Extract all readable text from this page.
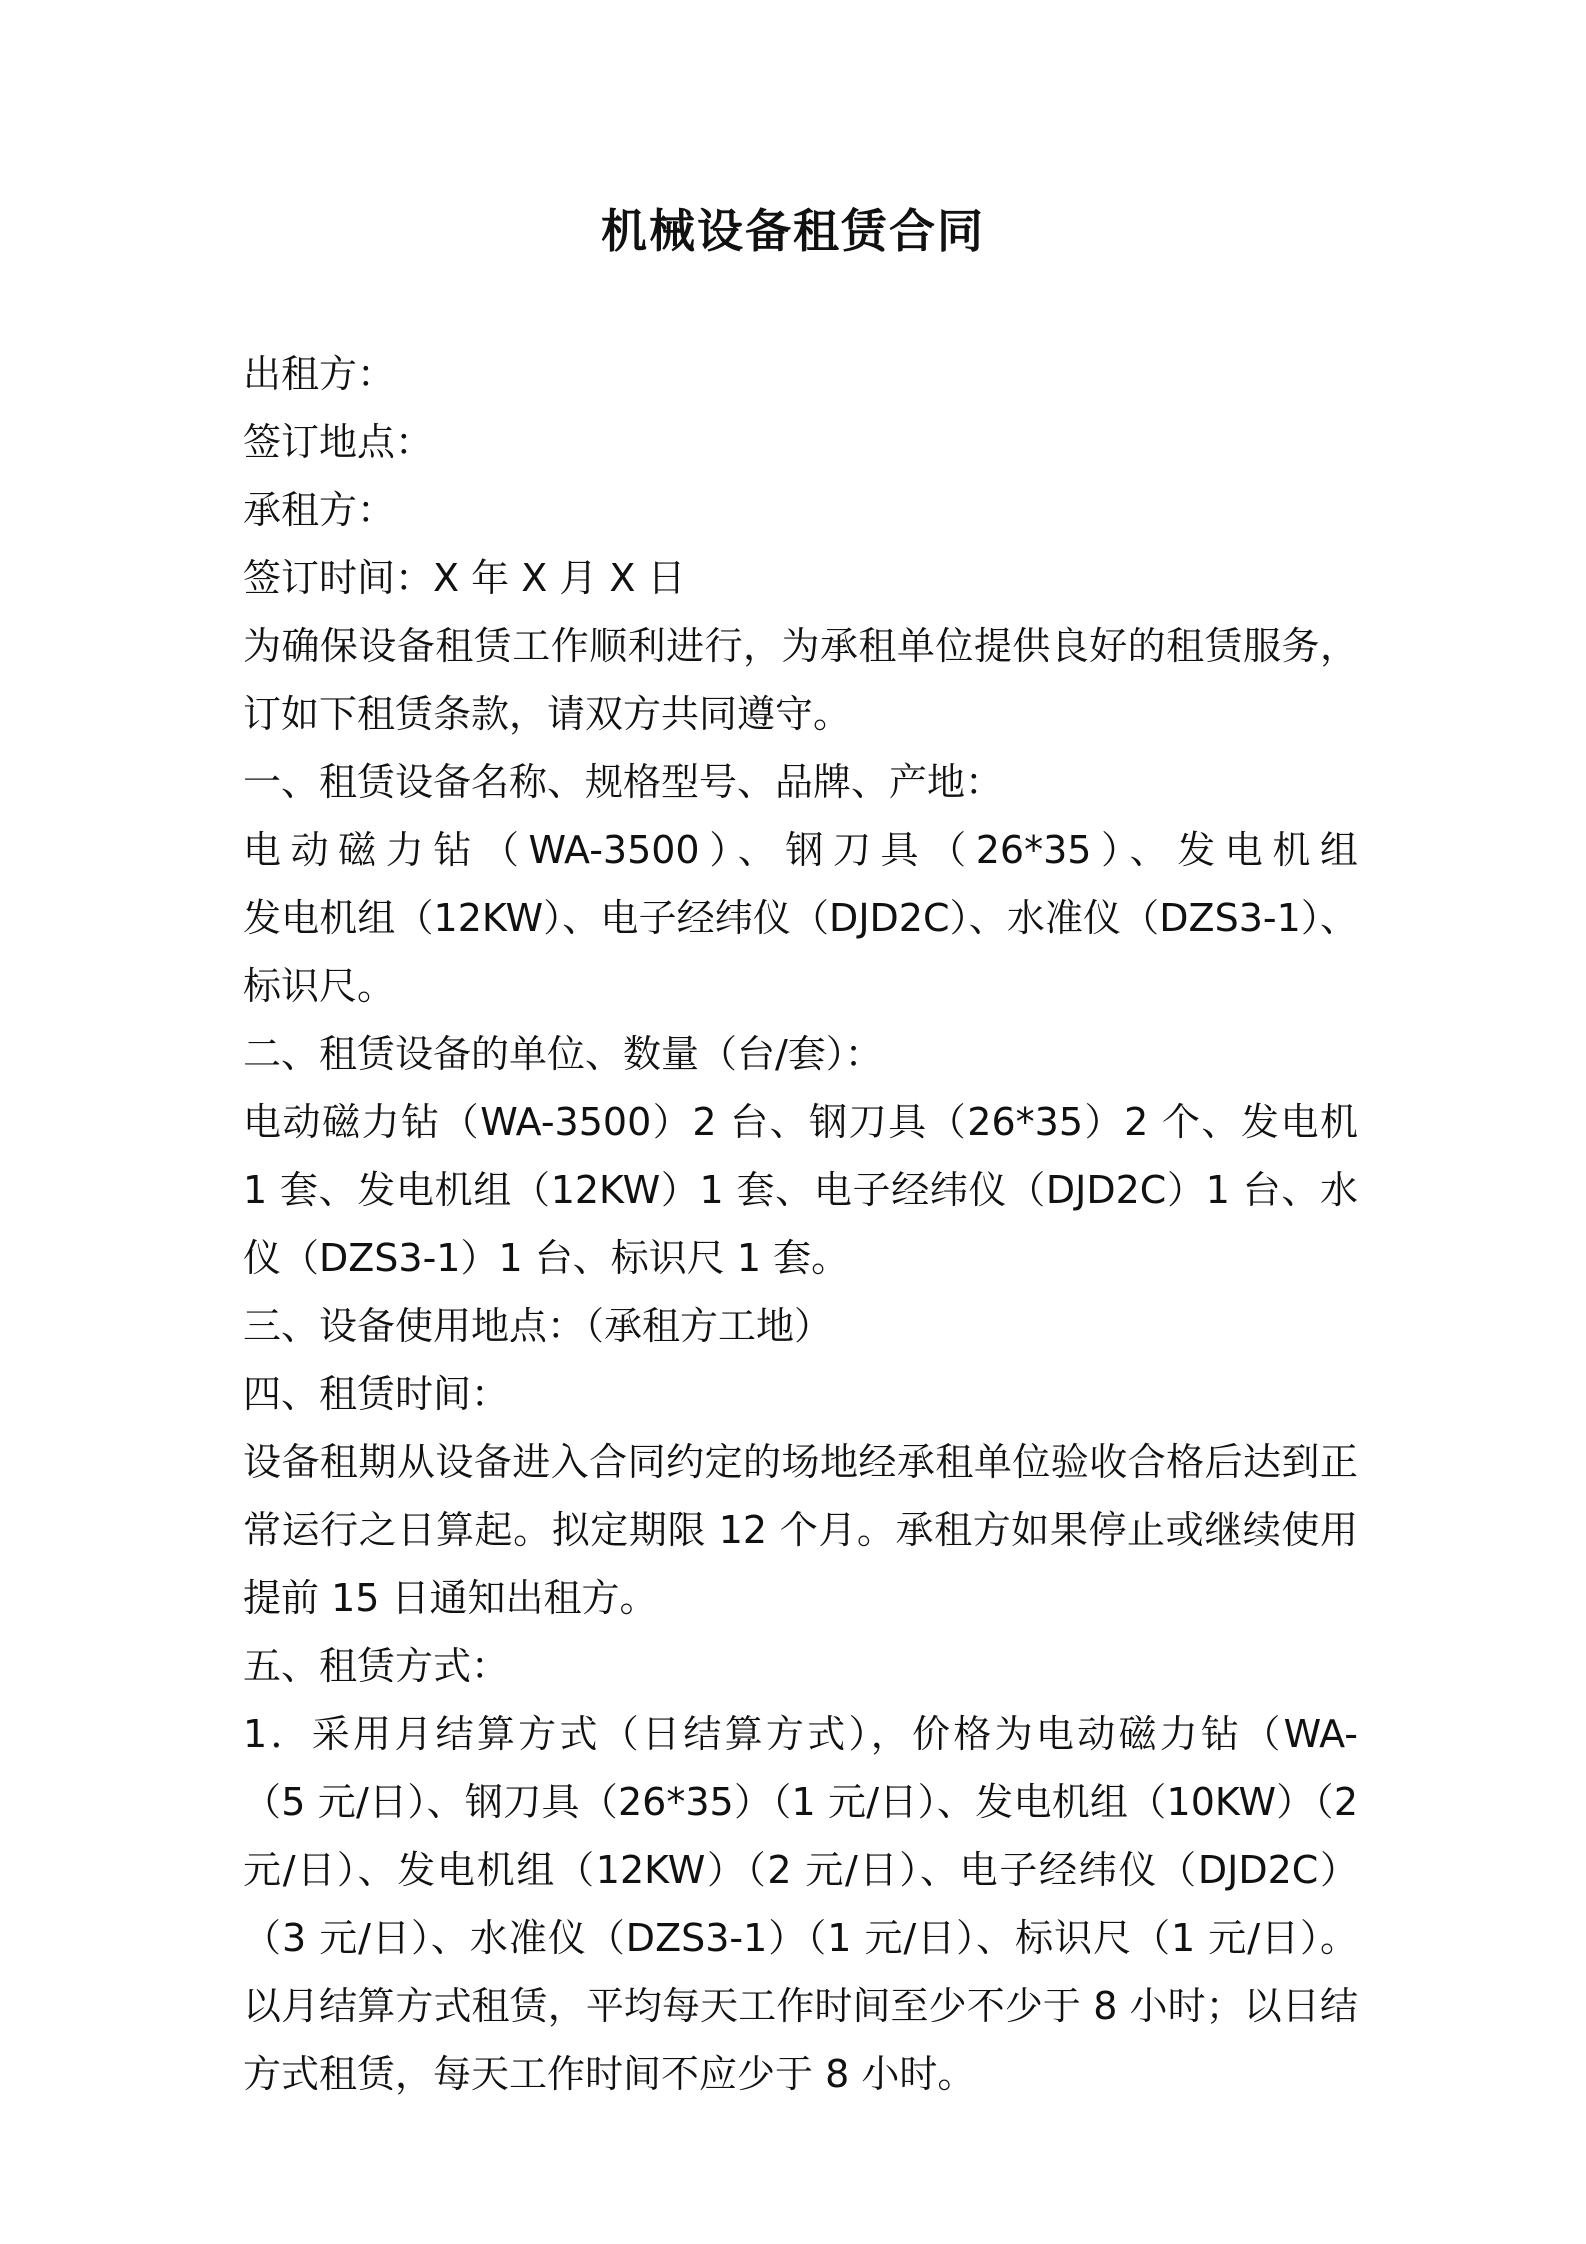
机械设备租赁合同

出租方：

签订地点：

承租方：

签订时间：X 年 X 月 X 日

为确保设备租赁工作顺利进行，为承租单位提供良好的租赁服务，

订如下租赁条款，请双方共同遵守。

一、租赁设备名称、规格型号、品牌、产地：

电动磁力钻（WA-3500）、钢刀具（26*35）、发电机组

发电机组（12KW）、电子经纬仪（DJD2C）、水准仪（DZS3-1）、

标识尺。

二、租赁设备的单位、数量（台/套）：

电动磁力钻（WA-3500）2 台、钢刀具（26*35）2 个、发电机

1 套、发电机组（12KW）1 套、电子经纬仪（DJD2C）1 台、水

仪（DZS3-1）1 台、标识尺 1 套。

三、设备使用地点：（承租方工地）

四、租赁时间：

设备租期从设备进入合同约定的场地经承租单位验收合格后达到正

常运行之日算起。拟定期限 12 个月。承租方如果停止或继续使用

提前 15 日通知出租方。

五、租赁方式：

1．采用月结算方式（日结算方式），价格为电动磁力钻（WA-

（5 元/日）、钢刀具（26*35）（1 元/日）、发电机组（10KW）（2

元/日）、发电机组（12KW）（2 元/日）、电子经纬仪（DJD2C）

（3 元/日）、水准仪（DZS3-1）（1 元/日）、标识尺（1 元/日）。

以月结算方式租赁，平均每天工作时间至少不少于 8 小时；以日结

方式租赁，每天工作时间不应少于 8 小时。
